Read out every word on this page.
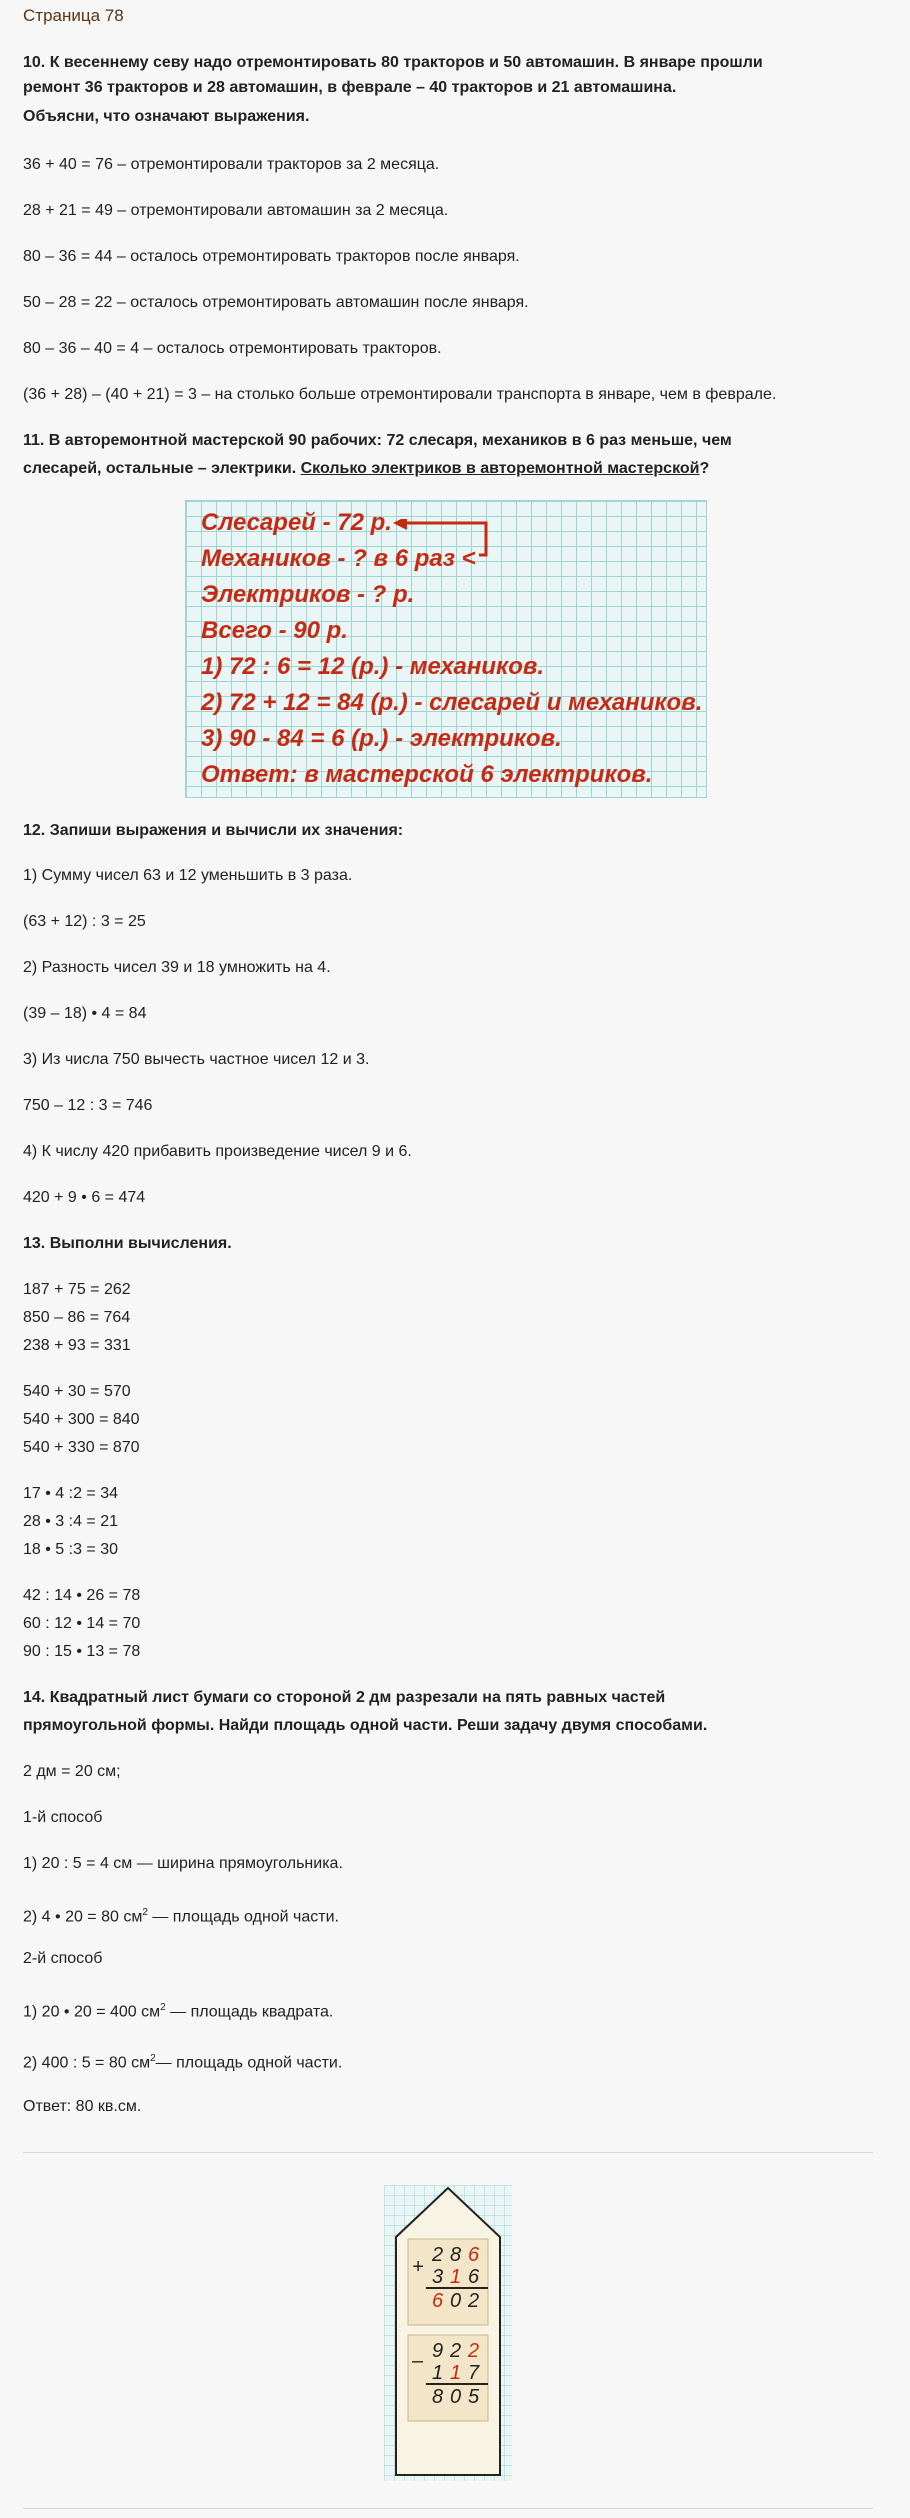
Страница 78

10. К весеннему севу надо отремонтировать 80 тракторов и 50 автомашин. В январе прошли

ремонт 36 тракторов и 28 автомашин, в феврале – 40 тракторов и 21 автомашина.

Объясни, что означают выражения.

36 + 40 = 76 – отремонтировали тракторов за 2 месяца.

28 + 21 = 49 – отремонтировали автомашин за 2 месяца.

80 – 36 = 44 – осталось отремонтировать тракторов после января.

50 – 28 = 22 – осталось отремонтировать автомашин после января.

80 – 36 – 40 = 4 – осталось отремонтировать тракторов.

(36 + 28) – (40 + 21) = 3 – на столько больше отремонтировали транспорта в январе, чем в феврале.

11. В авторемонтной мастерской 90 рабочих: 72 слесаря, механиков в 6 раз меньше, чем

слесарей, остальные – электрики. Сколько электриков в авторемонтной мастерской?

Слесарей - 72 р.
Механиков - ? в 6 раз <
Электриков - ? р.
Всего - 90 р.
1) 72 : 6 = 12 (р.) - механиков.
2) 72 + 12 = 84 (р.) - слесарей и механиков.
3) 90 - 84 = 6 (р.) - электриков.
Ответ: в мастерской 6 электриков.

12. Запиши выражения и вычисли их значения:

1) Сумму чисел 63 и 12 уменьшить в 3 раза.

(63 + 12) : 3 = 25

2) Разность чисел 39 и 18 умножить на 4.

(39 – 18) • 4 = 84

3) Из числа 750 вычесть частное чисел 12 и 3.

750 – 12 : 3 = 746

4) К числу 420 прибавить произведение чисел 9 и 6.

420 + 9 • 6 = 474

13. Выполни вычисления.

187 + 75 = 262

850 – 86 = 764

238 + 93 = 331

540 + 30 = 570

540 + 300 = 840

540 + 330 = 870

17 • 4 :2 = 34

28 • 3 :4 = 21

18 • 5 :3 = 30

42 : 14 • 26 = 78

60 : 12 • 14 = 70

90 : 15 • 13 = 78

14. Квадратный лист бумаги со стороной 2 дм разрезали на пять равных частей

прямоугольной формы. Найди площадь одной части. Реши задачу двумя способами.

2 дм = 20 см;

1-й способ

1) 20 : 5 = 4 см — ширина прямоугольника.

2) 4 • 20 = 80 $см^2$ — площадь одной части.

2-й способ

1) 20 • 20 = 400 $см^2$ — площадь квадрата.

2) 400 : 5 = 80 $см^2—$ площадь одной части.

Ответ: 80 кв.см.

+
2 8 6
3 1 6
6 0 2
– 9 2 2
1 1 7
8 0 5
